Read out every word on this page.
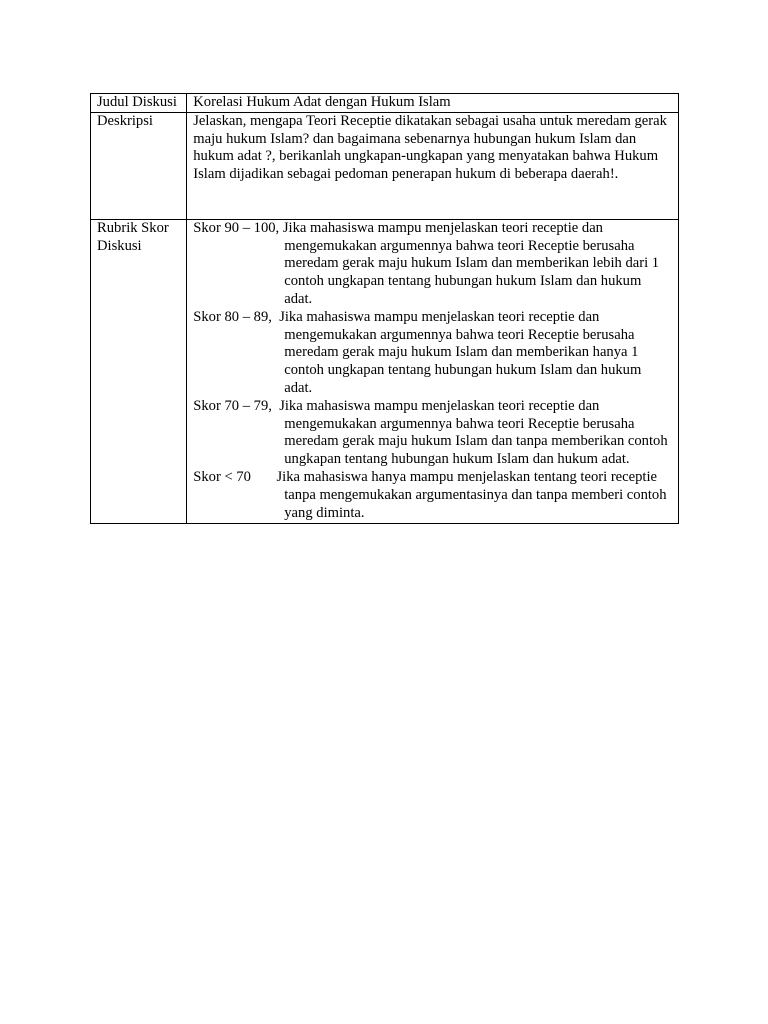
Judul Diskusi	Korelasi Hukum Adat dengan Hukum Islam

Deskripsi	Jelaskan, mengapa Teori Receptie dikatakan sebagai usaha untuk meredam gerak maju hukum Islam? dan bagaimana sebenarnya hubungan hukum Islam dan hukum adat ?, berikanlah ungkapan-ungkapan yang menyatakan bahwa Hukum Islam dijadikan sebagai pedoman penerapan hukum di beberapa daerah!.

Rubrik Skor Diskusi	Skor 90 – 100, Jika mahasiswa mampu menjelaskan teori receptie dan mengemukakan argumennya bahwa teori Receptie berusaha meredam gerak maju hukum Islam dan memberikan lebih dari 1 contoh ungkapan tentang hubungan hukum Islam dan hukum adat.
Skor 80 – 89,  Jika mahasiswa mampu menjelaskan teori receptie dan mengemukakan argumennya bahwa teori Receptie berusaha meredam gerak maju hukum Islam dan memberikan hanya 1 contoh ungkapan tentang hubungan hukum Islam dan hukum adat.
Skor 70 – 79,  Jika mahasiswa mampu menjelaskan teori receptie dan mengemukakan argumennya bahwa teori Receptie berusaha meredam gerak maju hukum Islam dan tanpa memberikan contoh ungkapan tentang hubungan hukum Islam dan hukum adat.
Skor < 70       Jika mahasiswa hanya mampu menjelaskan tentang teori receptie tanpa mengemukakan argumentasinya dan tanpa memberi contoh yang diminta.
